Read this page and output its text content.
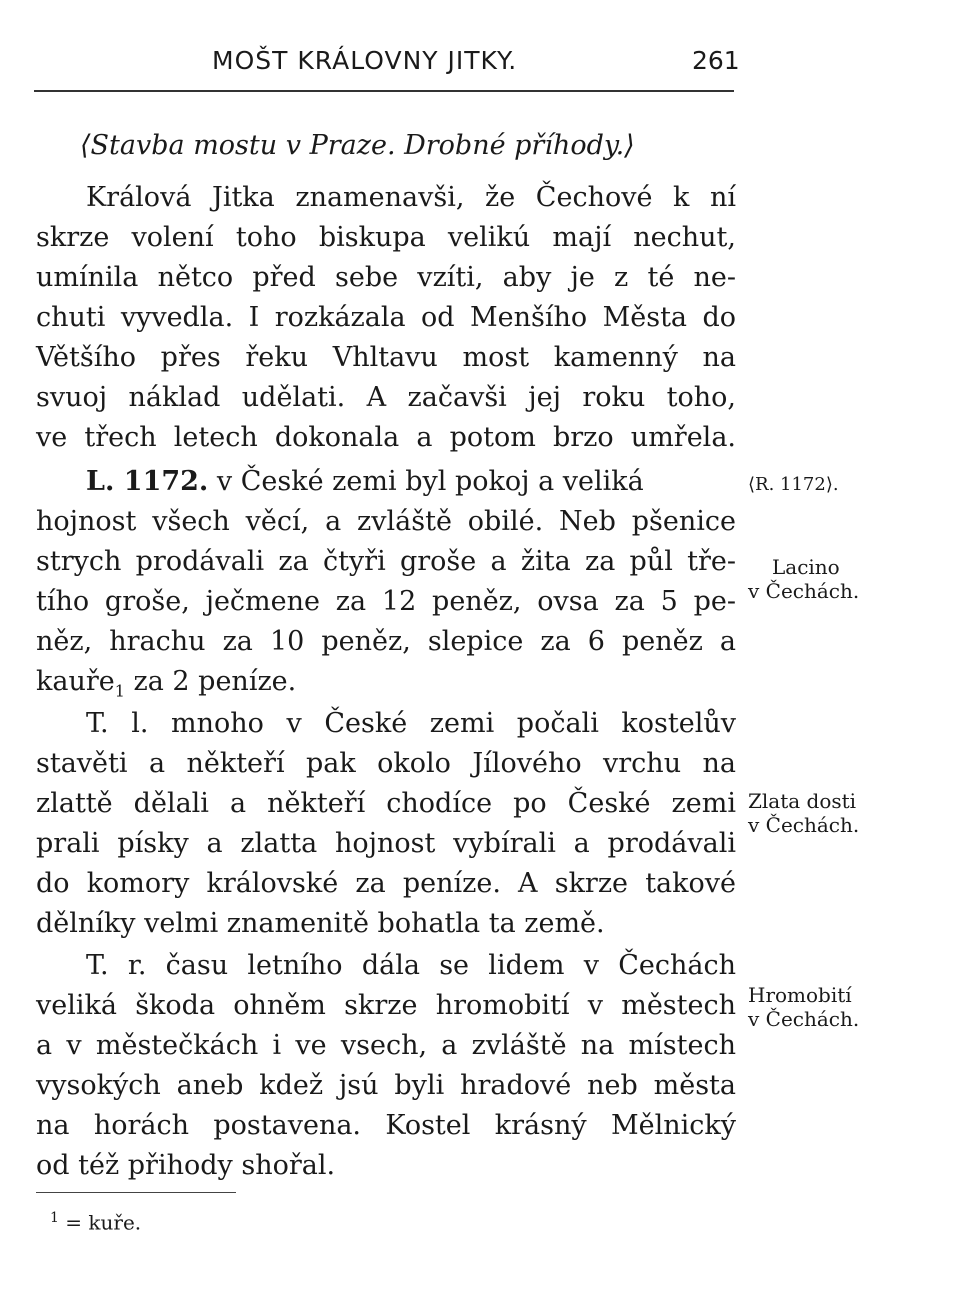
MOŠT KRÁLOVNY JITKY.	261
⟨Stavba mostu v Praze. Drobné příhody.⟩
Králová Jitka znamenavši, že Čechové k ní
skrze volení toho biskupa velikú mají nechut,
umínila nětco před sebe vzíti, aby je z té ne-
chuti vyvedla. I rozkázala od Menšího Města do
Většího přes řeku Vhltavu most kamenný na
svuoj náklad udělati. A začavši jej roku toho,
ve třech letech dokonala a potom brzo umřela.
L. 1172. v České zemi byl pokoj a veliká
hojnost všech věcí, a zvláště obilé. Neb pšenice
strych prodávali za čtyři groše a žita za půl tře-
tího groše, ječmene za 12 peněz, ovsa za 5 pe-
něz, hrachu za 10 peněz, slepice za 6 peněz a
kauře$_1$ za 2 peníze.
T. l. mnoho v České zemi počali kostelův
stavěti a někteří pak okolo Jílového vrchu na
zlattě dělali a někteří chodíce po České zemi
prali písky a zlatta hojnost vybírali a prodávali
do komory královské za peníze. A skrze takové
dělníky velmi znamenitě bohatla ta země.
T. r. času letního dála se lidem v Čechách
veliká škoda ohněm skrze hromobití v městech
a v městečkách i ve vsech, a zvláště na místech
vysokých aneb kdež jsú byli hradové neb města
na horách postavena. Kostel krásný Mělnický
od též přihody shořal.
⟨R. 1172⟩.
Lacino
v Čechách.
Zlata dosti
v Čechách.
Hromobití
v Čechách.
$^1$ = kuře.
